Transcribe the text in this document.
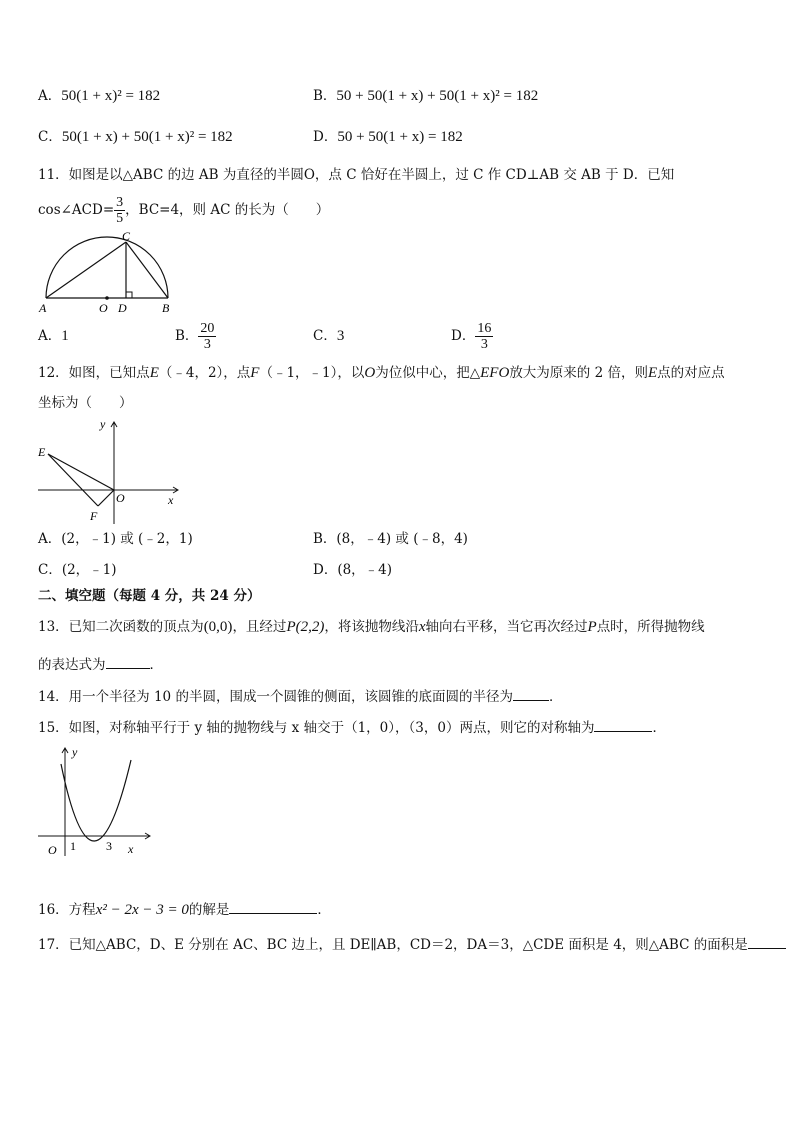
A．50(1 + x)² = 182	B．50 + 50(1 + x) + 50(1 + x)² = 182
C．50(1 + x) + 50(1 + x)² = 182	D．50 + 50(1 + x) = 182
11．如图是以△ABC 的边 AB 为直径的半圆O，点 C 恰好在半圆上，过 C 作 CD⊥AB 交 AB 于 D．已知
cos∠ACD= $\frac{3}{5}$ ，BC=4，则 AC 的长为（　　）
A	O D	B
C
A．1	B． $\frac{20}{3}$	C．3	D． $\frac{16}{3}$
12．如图，已知点E（﹣4，2），点F（﹣1，﹣1），以O为位似中心，把△EFO放大为原来的 2 倍，则E点的对应点
坐标为（　　）
y
E
O	x
F
A．(2，﹣1) 或 (﹣2，1)	B．(8，﹣4) 或 (﹣8，4)
C．(2，﹣1)	D．(8，﹣4)
二、填空题（每题 4 分，共 24 分）
13．已知二次函数的顶点为(0,0)，且经过P(2,2)，将该抛物线沿x轴向右平移，当它再次经过P点时，所得抛物线
的表达式为	．
14．用一个半径为 10 的半圆，围成一个圆锥的侧面，该圆锥的底面圆的半径为	．
15．如图，对称轴平行于 y 轴的抛物线与 x 轴交于（1，0），（3，0）两点，则它的对称轴为	．
y
O 1	3 x
16．方程x² − 2x − 3 = 0的解是	．
17．已知△ABC，D、E 分别在 AC、BC 边上，且 DE∥AB，CD＝2，DA＝3，△CDE 面积是 4，则△ABC 的面积是
